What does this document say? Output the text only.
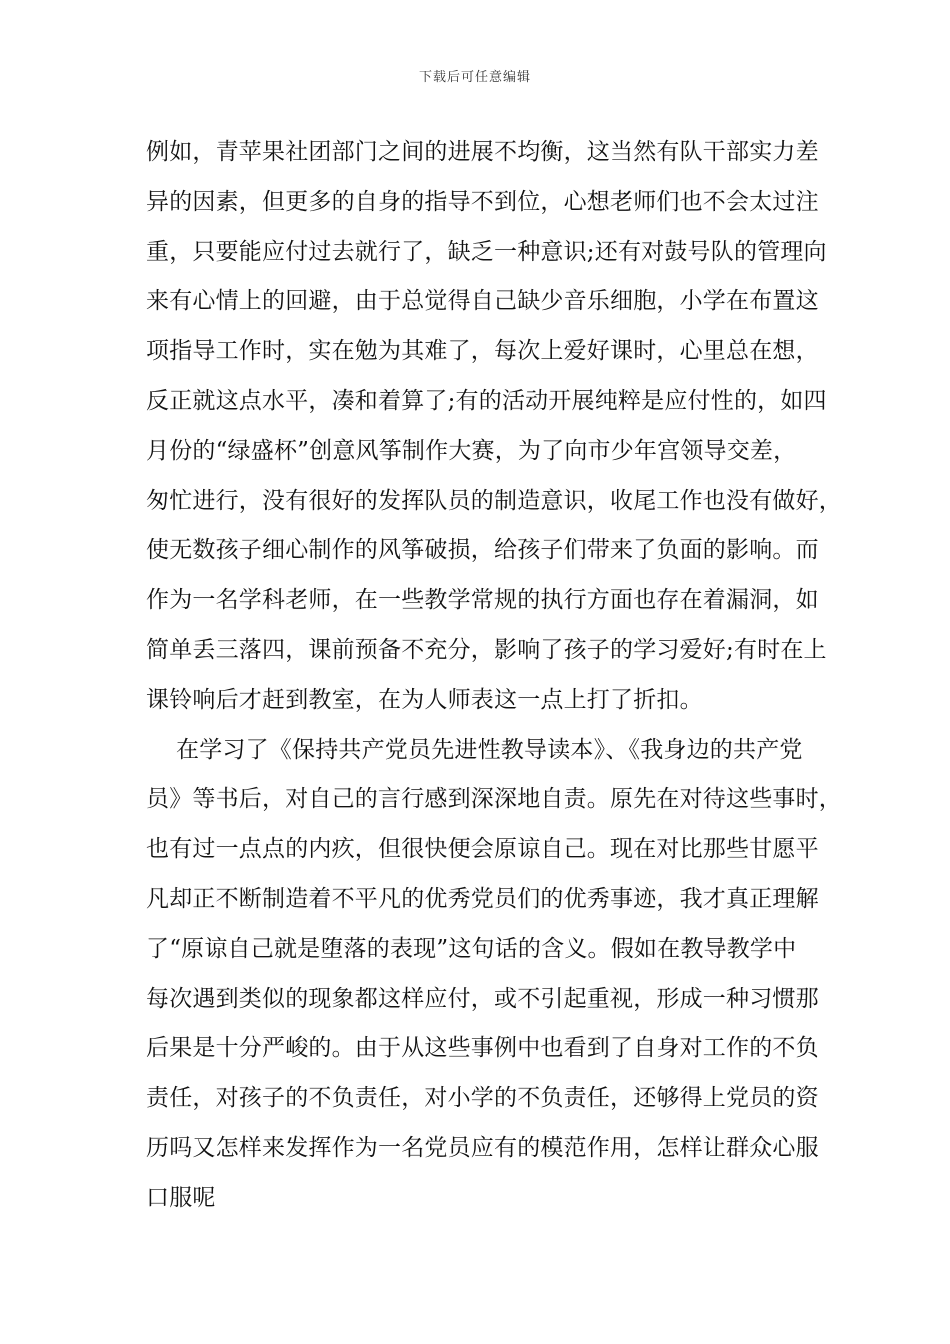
下载后可任意编辑
例如，青苹果社团部门之间的进展不均衡，这当然有队干部实力差
异的因素，但更多的自身的指导不到位，心想老师们也不会太过注
重，只要能应付过去就行了，缺乏一种意识;还有对鼓号队的管理向
来有心情上的回避，由于总觉得自己缺少音乐细胞，小学在布置这
项指导工作时，实在勉为其难了，每次上爱好课时，心里总在想，
反正就这点水平，凑和着算了;有的活动开展纯粹是应付性的，如四
月份的“绿盛杯”创意风筝制作大赛，为了向市少年宫领导交差，
匆忙进行，没有很好的发挥队员的制造意识，收尾工作也没有做好，
使无数孩子细心制作的风筝破损，给孩子们带来了负面的影响。而
作为一名学科老师，在一些教学常规的执行方面也存在着漏洞，如
简单丢三落四，课前预备不充分，影响了孩子的学习爱好;有时在上
课铃响后才赶到教室，在为人师表这一点上打了折扣。
在学习了《保持共产党员先进性教导读本》、《我身边的共产党
员》等书后，对自己的言行感到深深地自责。原先在对待这些事时，
也有过一点点的内疚，但很快便会原谅自己。现在对比那些甘愿平
凡却正不断制造着不平凡的优秀党员们的优秀事迹，我才真正理解
了“原谅自己就是堕落的表现”这句话的含义。假如在教导教学中
每次遇到类似的现象都这样应付，或不引起重视，形成一种习惯那
后果是十分严峻的。由于从这些事例中也看到了自身对工作的不负
责任，对孩子的不负责任，对小学的不负责任，还够得上党员的资
历吗又怎样来发挥作为一名党员应有的模范作用，怎样让群众心服
口服呢
